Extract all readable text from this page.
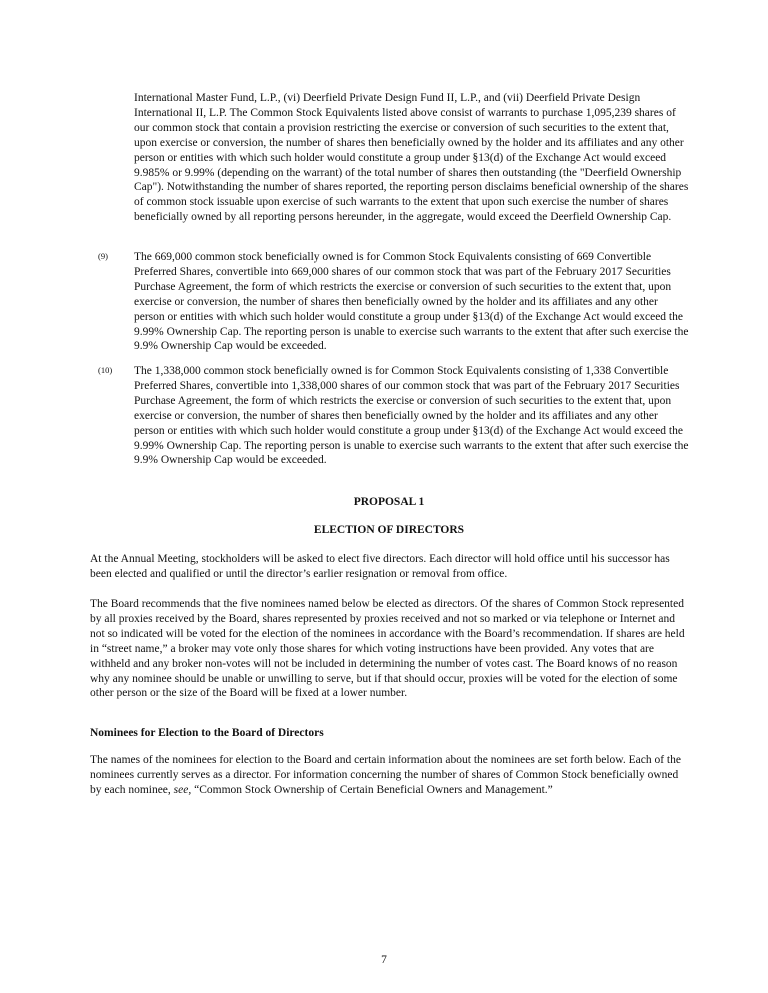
International Master Fund, L.P., (vi) Deerfield Private Design Fund II, L.P., and (vii) Deerfield Private Design International II, L.P. The Common Stock Equivalents listed above consist of warrants to purchase 1,095,239 shares of our common stock that contain a provision restricting the exercise or conversion of such securities to the extent that, upon exercise or conversion, the number of shares then beneficially owned by the holder and its affiliates and any other person or entities with which such holder would constitute a group under §13(d) of the Exchange Act would exceed 9.985% or 9.99% (depending on the warrant) of the total number of shares then outstanding (the "Deerfield Ownership Cap"). Notwithstanding the number of shares reported, the reporting person disclaims beneficial ownership of the shares of common stock issuable upon exercise of such warrants to the extent that upon such exercise the number of shares beneficially owned by all reporting persons hereunder, in the aggregate, would exceed the Deerfield Ownership Cap.

(9) The 669,000 common stock beneficially owned is for Common Stock Equivalents consisting of 669 Convertible Preferred Shares, convertible into 669,000 shares of our common stock that was part of the February 2017 Securities Purchase Agreement, the form of which restricts the exercise or conversion of such securities to the extent that, upon exercise or conversion, the number of shares then beneficially owned by the holder and its affiliates and any other person or entities with which such holder would constitute a group under §13(d) of the Exchange Act would exceed the 9.99% Ownership Cap. The reporting person is unable to exercise such warrants to the extent that after such exercise the 9.9% Ownership Cap would be exceeded.

(10) The 1,338,000 common stock beneficially owned is for Common Stock Equivalents consisting of 1,338 Convertible Preferred Shares, convertible into 1,338,000 shares of our common stock that was part of the February 2017 Securities Purchase Agreement, the form of which restricts the exercise or conversion of such securities to the extent that, upon exercise or conversion, the number of shares then beneficially owned by the holder and its affiliates and any other person or entities with which such holder would constitute a group under §13(d) of the Exchange Act would exceed the 9.99% Ownership Cap. The reporting person is unable to exercise such warrants to the extent that after such exercise the 9.9% Ownership Cap would be exceeded.

PROPOSAL 1

ELECTION OF DIRECTORS

At the Annual Meeting, stockholders will be asked to elect five directors. Each director will hold office until his successor has been elected and qualified or until the director’s earlier resignation or removal from office.

The Board recommends that the five nominees named below be elected as directors. Of the shares of Common Stock represented by all proxies received by the Board, shares represented by proxies received and not so marked or via telephone or Internet and not so indicated will be voted for the election of the nominees in accordance with the Board’s recommendation. If shares are held in “street name,” a broker may vote only those shares for which voting instructions have been provided. Any votes that are withheld and any broker non-votes will not be included in determining the number of votes cast. The Board knows of no reason why any nominee should be unable or unwilling to serve, but if that should occur, proxies will be voted for the election of some other person or the size of the Board will be fixed at a lower number.

Nominees for Election to the Board of Directors

The names of the nominees for election to the Board and certain information about the nominees are set forth below. Each of the nominees currently serves as a director. For information concerning the number of shares of Common Stock beneficially owned by each nominee, see, “Common Stock Ownership of Certain Beneficial Owners and Management.”

7
